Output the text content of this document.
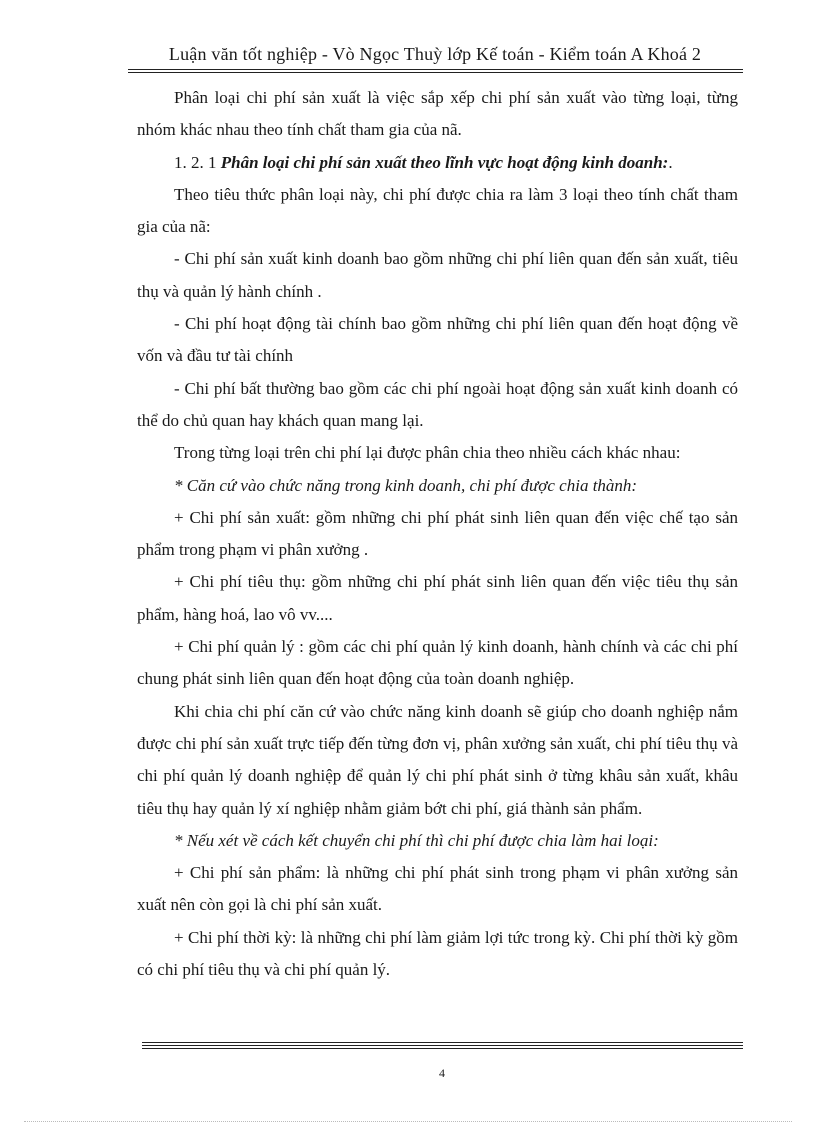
Luận văn tốt nghiệp - Vò Ngọc Thuỳ lớp Kế toán - Kiểm toán A Khoá 2

Phân loại chi phí sản xuất là việc sắp xếp chi phí sản xuất vào từng loại, từng nhóm khác nhau theo tính chất tham gia của nã.

1. 2. 1 Phân loại chi phí sản xuất theo lĩnh vực hoạt động kinh doanh:.

Theo tiêu thức phân loại này, chi phí được chia ra làm 3 loại theo tính chất tham gia của nã:

- Chi phí sản xuất kinh doanh bao gồm những chi phí liên quan đến sản xuất, tiêu thụ và quản lý hành chính .

- Chi phí hoạt động tài chính bao gồm những chi phí liên quan đến hoạt động về vốn và đầu tư tài chính

- Chi phí bất thường bao gồm các chi phí ngoài hoạt động sản xuất kinh doanh có thể do chủ quan hay khách quan mang lại.

Trong từng loại trên chi phí lại được phân chia theo nhiều cách khác nhau:

* Căn cứ vào chức năng trong kinh doanh, chi phí được chia thành:

+ Chi phí sản xuất: gồm những chi phí phát sinh liên quan đến việc chế tạo sản phẩm trong phạm vi phân xưởng .

+ Chi phí tiêu thụ: gồm những chi phí phát sinh liên quan đến việc tiêu thụ sản phẩm, hàng hoá, lao vô vv....

+ Chi phí quản lý : gồm các chi phí quản lý kinh doanh, hành chính và các chi phí chung phát sinh liên quan đến hoạt động của toàn doanh nghiệp.

Khi chia chi phí căn cứ vào chức năng kinh doanh sẽ giúp cho doanh nghiệp nắm được chi phí sản xuất trực tiếp đến từng đơn vị, phân xưởng sản xuất, chi phí tiêu thụ và chi phí quản lý doanh nghiệp để quản lý chi phí phát sinh ở từng khâu sản xuất, khâu tiêu thụ hay quản lý xí nghiệp nhằm giảm bớt chi phí, giá thành sản phẩm.

* Nếu xét về cách kết chuyển chi phí thì chi phí được chia làm hai loại:

+ Chi phí sản phẩm: là những chi phí phát sinh trong phạm vi phân xưởng sản xuất nên còn gọi là chi phí sản xuất.

+ Chi phí thời kỳ: là những chi phí làm giảm lợi tức trong kỳ. Chi phí thời kỳ gồm có chi phí tiêu thụ và chi phí quản lý.

4
